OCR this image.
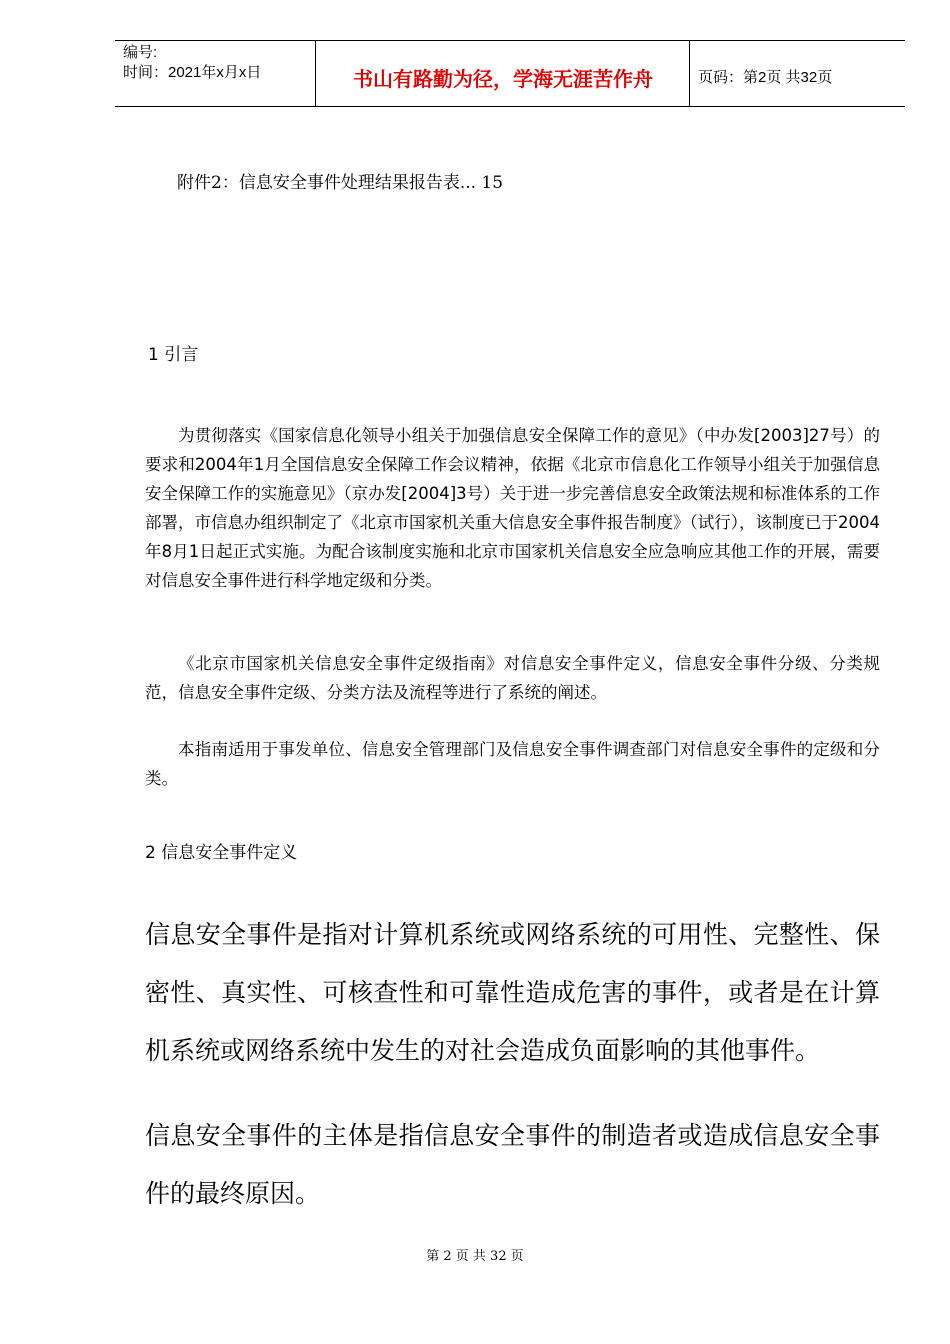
编号:
时间：2021年x月x日	书山有路勤为径，学海无涯苦作舟	页码：第2页 共32页
附件2：信息安全事件处理结果报告表... 15
1 引言
为贯彻落实《国家信息化领导小组关于加强信息安全保障工作的意见》（中办发[2003]27号）的要求和2004年1月全国信息安全保障工作会议精神，依据《北京市信息化工作领导小组关于加强信息安全保障工作的实施意见》（京办发[2004]3号）关于进一步完善信息安全政策法规和标准体系的工作部署，市信息办组织制定了《北京市国家机关重大信息安全事件报告制度》（试行），该制度已于2004年8月1日起正式实施。为配合该制度实施和北京市国家机关信息安全应急响应其他工作的开展，需要对信息安全事件进行科学地定级和分类。
《北京市国家机关信息安全事件定级指南》对信息安全事件定义，信息安全事件分级、分类规范，信息安全事件定级、分类方法及流程等进行了系统的阐述。
本指南适用于事发单位、信息安全管理部门及信息安全事件调查部门对信息安全事件的定级和分类。
2 信息安全事件定义
信息安全事件是指对计算机系统或网络系统的可用性、完整性、保密性、真实性、可核查性和可靠性造成危害的事件，或者是在计算机系统或网络系统中发生的对社会造成负面影响的其他事件。
信息安全事件的主体是指信息安全事件的制造者或造成信息安全事件的最终原因。
第 2 页 共 32 页
